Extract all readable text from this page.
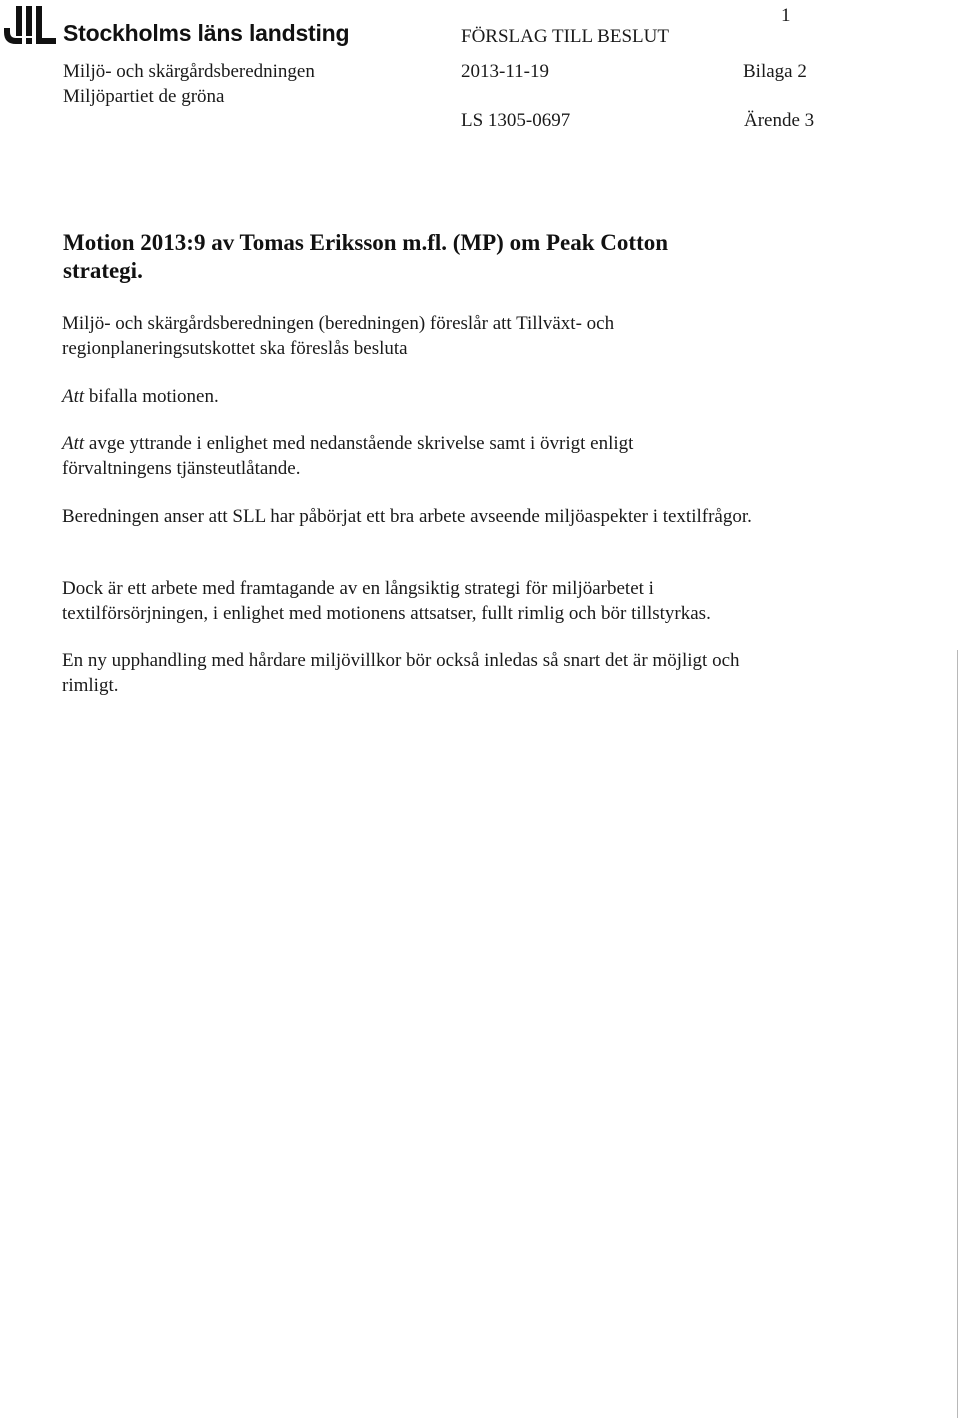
Stockholms läns landsting
Miljö- och skärgårdsberedningen
Miljöpartiet de gröna
FÖRSLAG TILL BESLUT
2013-11-19
LS 1305-0697
1
Bilaga 2
Ärende 3
Motion 2013:9 av Tomas Eriksson m.fl. (MP) om Peak Cotton strategi.
Miljö- och skärgårdsberedningen (beredningen) föreslår att Tillväxt- och regionplaneringsutskottet ska föreslås besluta
Att bifalla motionen.
Att avge yttrande i enlighet med nedanstående skrivelse samt i övrigt enligt förvaltningens tjänsteutlåtande.
Beredningen anser att SLL har påbörjat ett bra arbete avseende miljöaspekter i textilfrågor.
Dock är ett arbete med framtagande av en långsiktig strategi för miljöarbetet i textilförsörjningen, i enlighet med motionens attsatser, fullt rimlig och bör tillstyrkas.
En ny upphandling med hårdare miljövillkor bör också inledas så snart det är möjligt och rimligt.
